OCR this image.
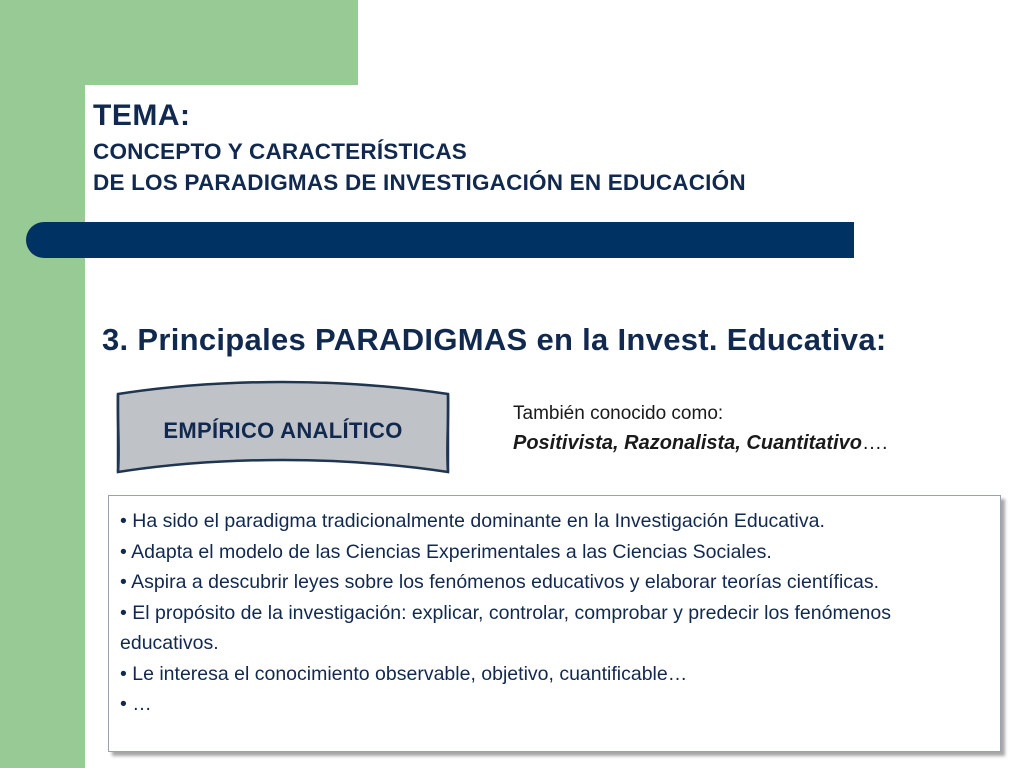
TEMA:
CONCEPTO Y CARACTERÍSTICAS
DE LOS PARADIGMAS DE INVESTIGACIÓN EN EDUCACIÓN
3. Principales PARADIGMAS en la Invest. Educativa:
EMPÍRICO ANALÍTICO
También conocido como:
Positivista, Razonalista, Cuantitativo….
• Ha sido el paradigma tradicionalmente dominante en la Investigación Educativa.
• Adapta el modelo de las Ciencias Experimentales a las Ciencias Sociales.
• Aspira a descubrir leyes sobre los fenómenos educativos y elaborar teorías científicas.
• El propósito de la investigación: explicar, controlar, comprobar y predecir los fenómenos educativos.
• Le interesa el conocimiento observable, objetivo, cuantificable…
• …
